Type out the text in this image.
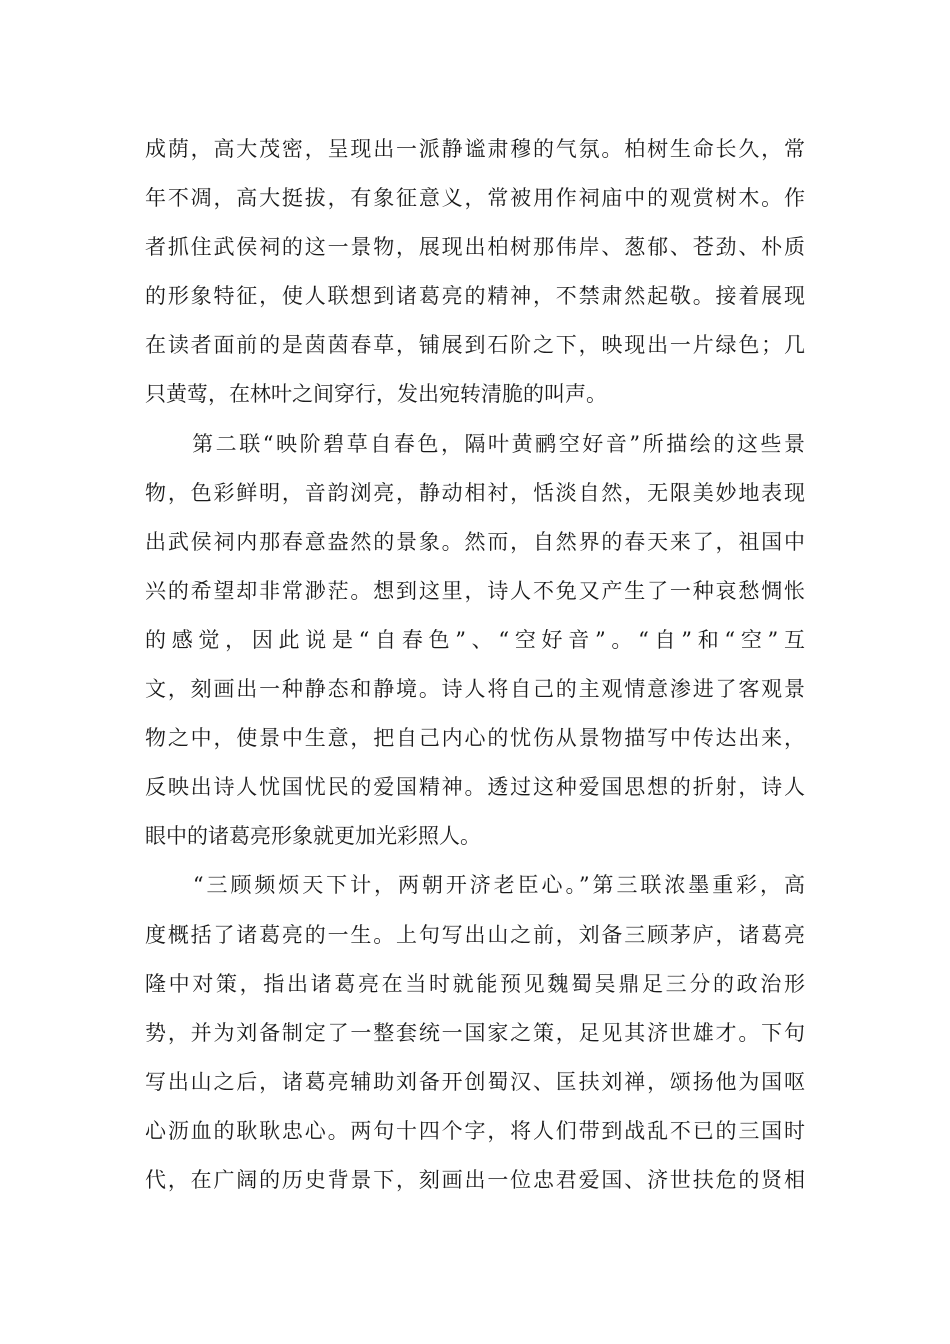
成荫，高大茂密，呈现出一派静谧肃穆的气氛。柏树生命长久，常
年不凋，高大挺拔，有象征意义，常被用作祠庙中的观赏树木。作
者抓住武侯祠的这一景物，展现出柏树那伟岸、葱郁、苍劲、朴质
的形象特征，使人联想到诸葛亮的精神，不禁肃然起敬。接着展现
在读者面前的是茵茵春草，铺展到石阶之下，映现出一片绿色；几
只黄莺，在林叶之间穿行，发出宛转清脆的叫声。
　　第二联“映阶碧草自春色，隔叶黄鹂空好音”所描绘的这些景
物，色彩鲜明，音韵浏亮，静动相衬，恬淡自然，无限美妙地表现
出武侯祠内那春意盎然的景象。然而，自然界的春天来了，祖国中
兴的希望却非常渺茫。想到这里，诗人不免又产生了一种哀愁惆怅
的感觉，因此说是“自春色”、“空好音”。“自”和“空”互
文，刻画出一种静态和静境。诗人将自己的主观情意渗进了客观景
物之中，使景中生意，把自己内心的忧伤从景物描写中传达出来，
反映出诗人忧国忧民的爱国精神。透过这种爱国思想的折射，诗人
眼中的诸葛亮形象就更加光彩照人。
　　“三顾频烦天下计，两朝开济老臣心。”第三联浓墨重彩，高
度概括了诸葛亮的一生。上句写出山之前，刘备三顾茅庐，诸葛亮
隆中对策，指出诸葛亮在当时就能预见魏蜀吴鼎足三分的政治形
势，并为刘备制定了一整套统一国家之策，足见其济世雄才。下句
写出山之后，诸葛亮辅助刘备开创蜀汉、匡扶刘禅，颂扬他为国呕
心沥血的耿耿忠心。两句十四个字，将人们带到战乱不已的三国时
代，在广阔的历史背景下，刻画出一位忠君爱国、济世扶危的贤相
